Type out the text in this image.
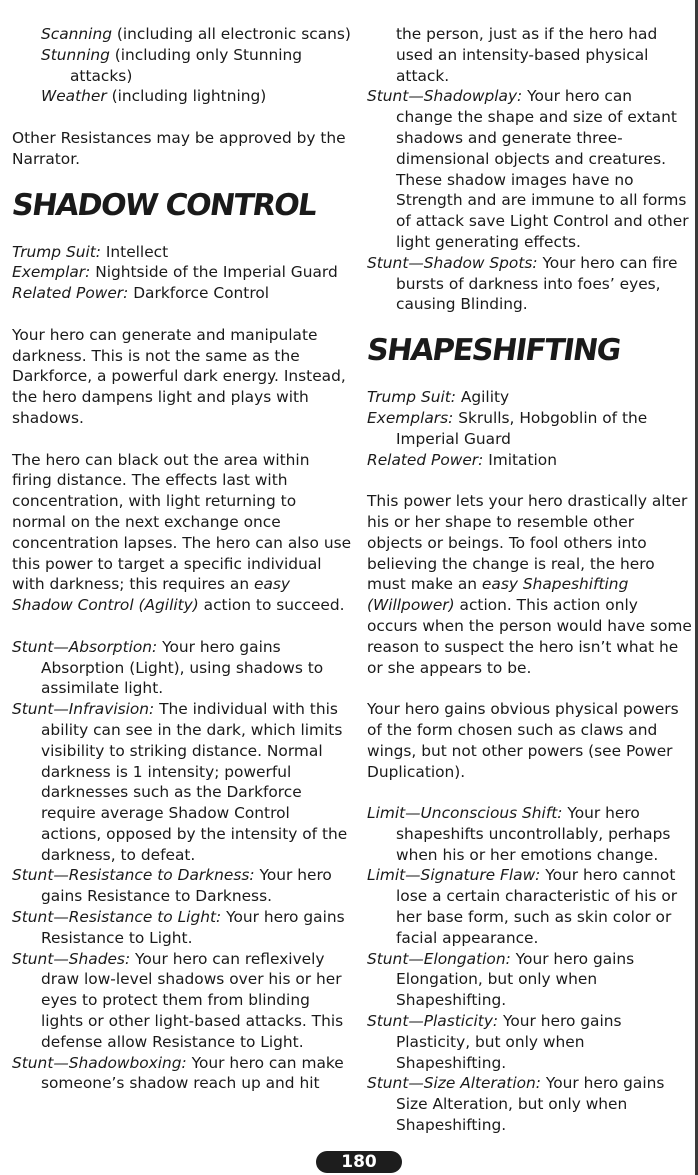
Scanning (including all electronic scans)

Stunning (including only Stunning attacks)

Weather (including lightning)

Other Resistances may be approved by the Narrator.

SHADOW CONTROL

Trump Suit: Intellect

Exemplar: Nightside of the Imperial Guard

Related Power: Darkforce Control

Your hero can generate and manipulate darkness. This is not the same as the Darkforce, a powerful dark energy. Instead, the hero dampens light and plays with shadows.

The hero can black out the area within firing distance. The effects last with concentration, with light returning to normal on the next exchange once concentration lapses. The hero can also use this power to target a specific individual with darkness; this requires an easy Shadow Control (Agility) action to succeed.

Stunt—Absorption: Your hero gains Absorption (Light), using shadows to assimilate light.

Stunt—Infravision: The individual with this ability can see in the dark, which limits visibility to striking distance. Normal darkness is 1 intensity; powerful darknesses such as the Darkforce require average Shadow Control actions, opposed by the intensity of the darkness, to defeat.

Stunt—Resistance to Darkness: Your hero gains Resistance to Darkness.

Stunt—Resistance to Light: Your hero gains Resistance to Light.

Stunt—Shades: Your hero can reflexively draw low-level shadows over his or her eyes to protect them from blinding lights or other light-based attacks. This defense allow Resistance to Light.

Stunt—Shadowboxing: Your hero can make someone’s shadow reach up and hit

the person, just as if the hero had used an intensity-based physical attack.

Stunt—Shadowplay: Your hero can change the shape and size of extant shadows and generate three-dimensional objects and creatures. These shadow images have no Strength and are immune to all forms of attack save Light Control and other light generating effects.

Stunt—Shadow Spots: Your hero can fire bursts of darkness into foes’ eyes, causing Blinding.

SHAPESHIFTING

Trump Suit: Agility

Exemplars: Skrulls, Hobgoblin of the Imperial Guard

Related Power: Imitation

This power lets your hero drastically alter his or her shape to resemble other objects or beings. To fool others into believing the change is real, the hero must make an easy Shapeshifting (Willpower) action. This action only occurs when the person would have some reason to suspect the hero isn’t what he or she appears to be.

Your hero gains obvious physical powers of the form chosen such as claws and wings, but not other powers (see Power Duplication).

Limit—Unconscious Shift: Your hero shapeshifts uncontrollably, perhaps when his or her emotions change.

Limit—Signature Flaw: Your hero cannot lose a certain characteristic of his or her base form, such as skin color or facial appearance.

Stunt—Elongation: Your hero gains Elongation, but only when Shapeshifting.

Stunt—Plasticity: Your hero gains Plasticity, but only when Shapeshifting.

Stunt—Size Alteration: Your hero gains Size Alteration, but only when Shapeshifting.

180
